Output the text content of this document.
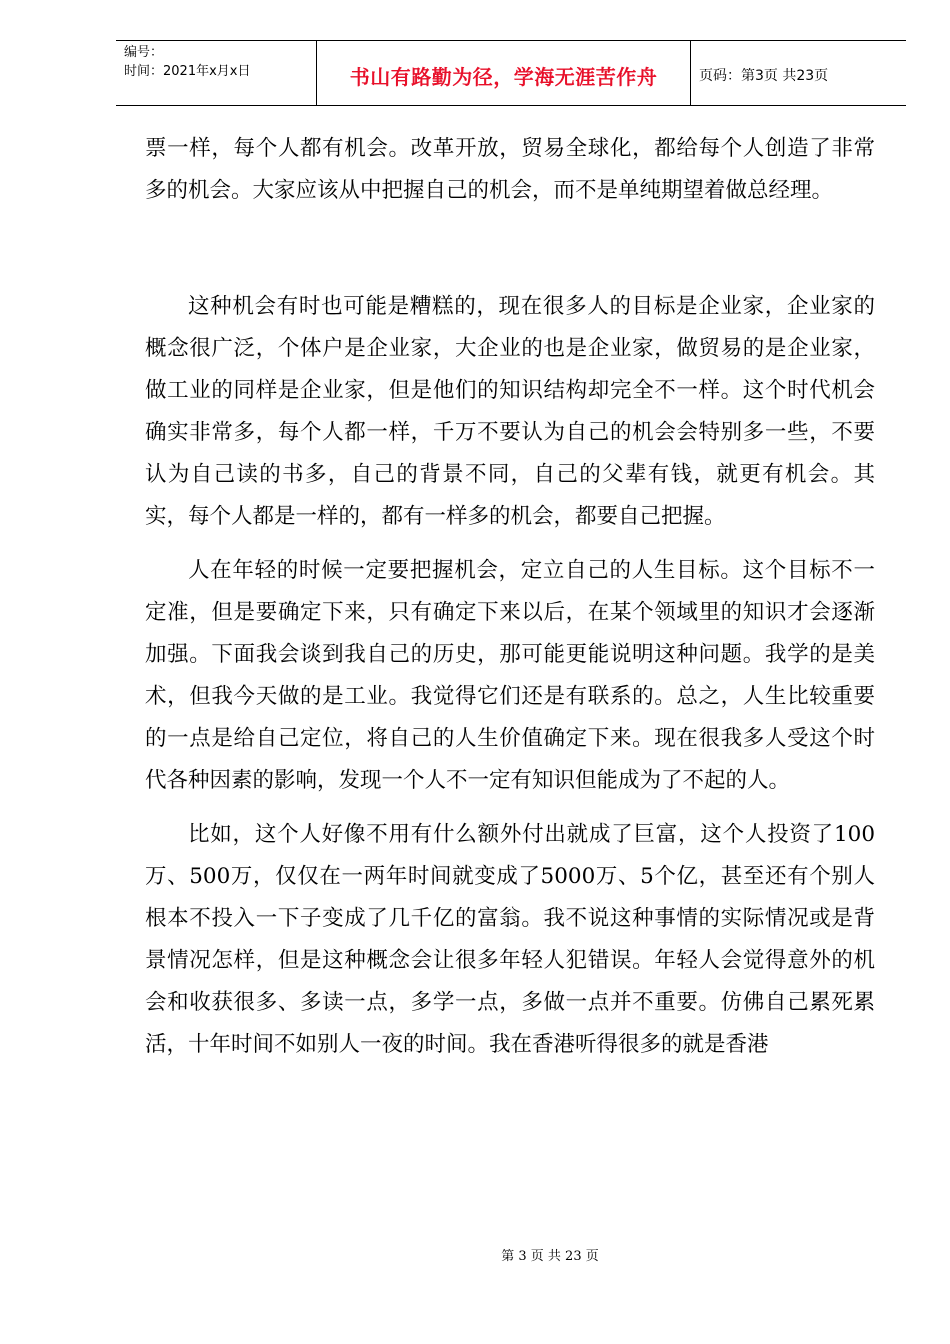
编号：
时间：2021年x月x日	书山有路勤为径，学海无涯苦作舟	页码：第3页 共23页

票一样，每个人都有机会。改革开放，贸易全球化，都给每个人创造了非常多的机会。大家应该从中把握自己的机会，而不是单纯期望着做总经理。

这种机会有时也可能是糟糕的，现在很多人的目标是企业家，企业家的概念很广泛，个体户是企业家，大企业的也是企业家，做贸易的是企业家，做工业的同样是企业家，但是他们的知识结构却完全不一样。这个时代机会确实非常多，每个人都一样，千万不要认为自己的机会会特别多一些，不要认为自己读的书多，自己的背景不同，自己的父辈有钱，就更有机会。其实，每个人都是一样的，都有一样多的机会，都要自己把握。

人在年轻的时候一定要把握机会，定立自己的人生目标。这个目标不一定准，但是要确定下来，只有确定下来以后，在某个领域里的知识才会逐渐加强。下面我会谈到我自己的历史，那可能更能说明这种问题。我学的是美术，但我今天做的是工业。我觉得它们还是有联系的。总之，人生比较重要的一点是给自己定位，将自己的人生价值确定下来。现在很我多人受这个时代各种因素的影响，发现一个人不一定有知识但能成为了不起的人。

比如，这个人好像不用有什么额外付出就成了巨富，这个人投资了100万、500万，仅仅在一两年时间就变成了5000万、5个亿，甚至还有个别人根本不投入一下子变成了几千亿的富翁。我不说这种事情的实际情况或是背景情况怎样，但是这种概念会让很多年轻人犯错误。年轻人会觉得意外的机会和收获很多、多读一点，多学一点，多做一点并不重要。仿佛自己累死累活，十年时间不如别人一夜的时间。我在香港听得很多的就是香港

第 3 页 共 23 页
